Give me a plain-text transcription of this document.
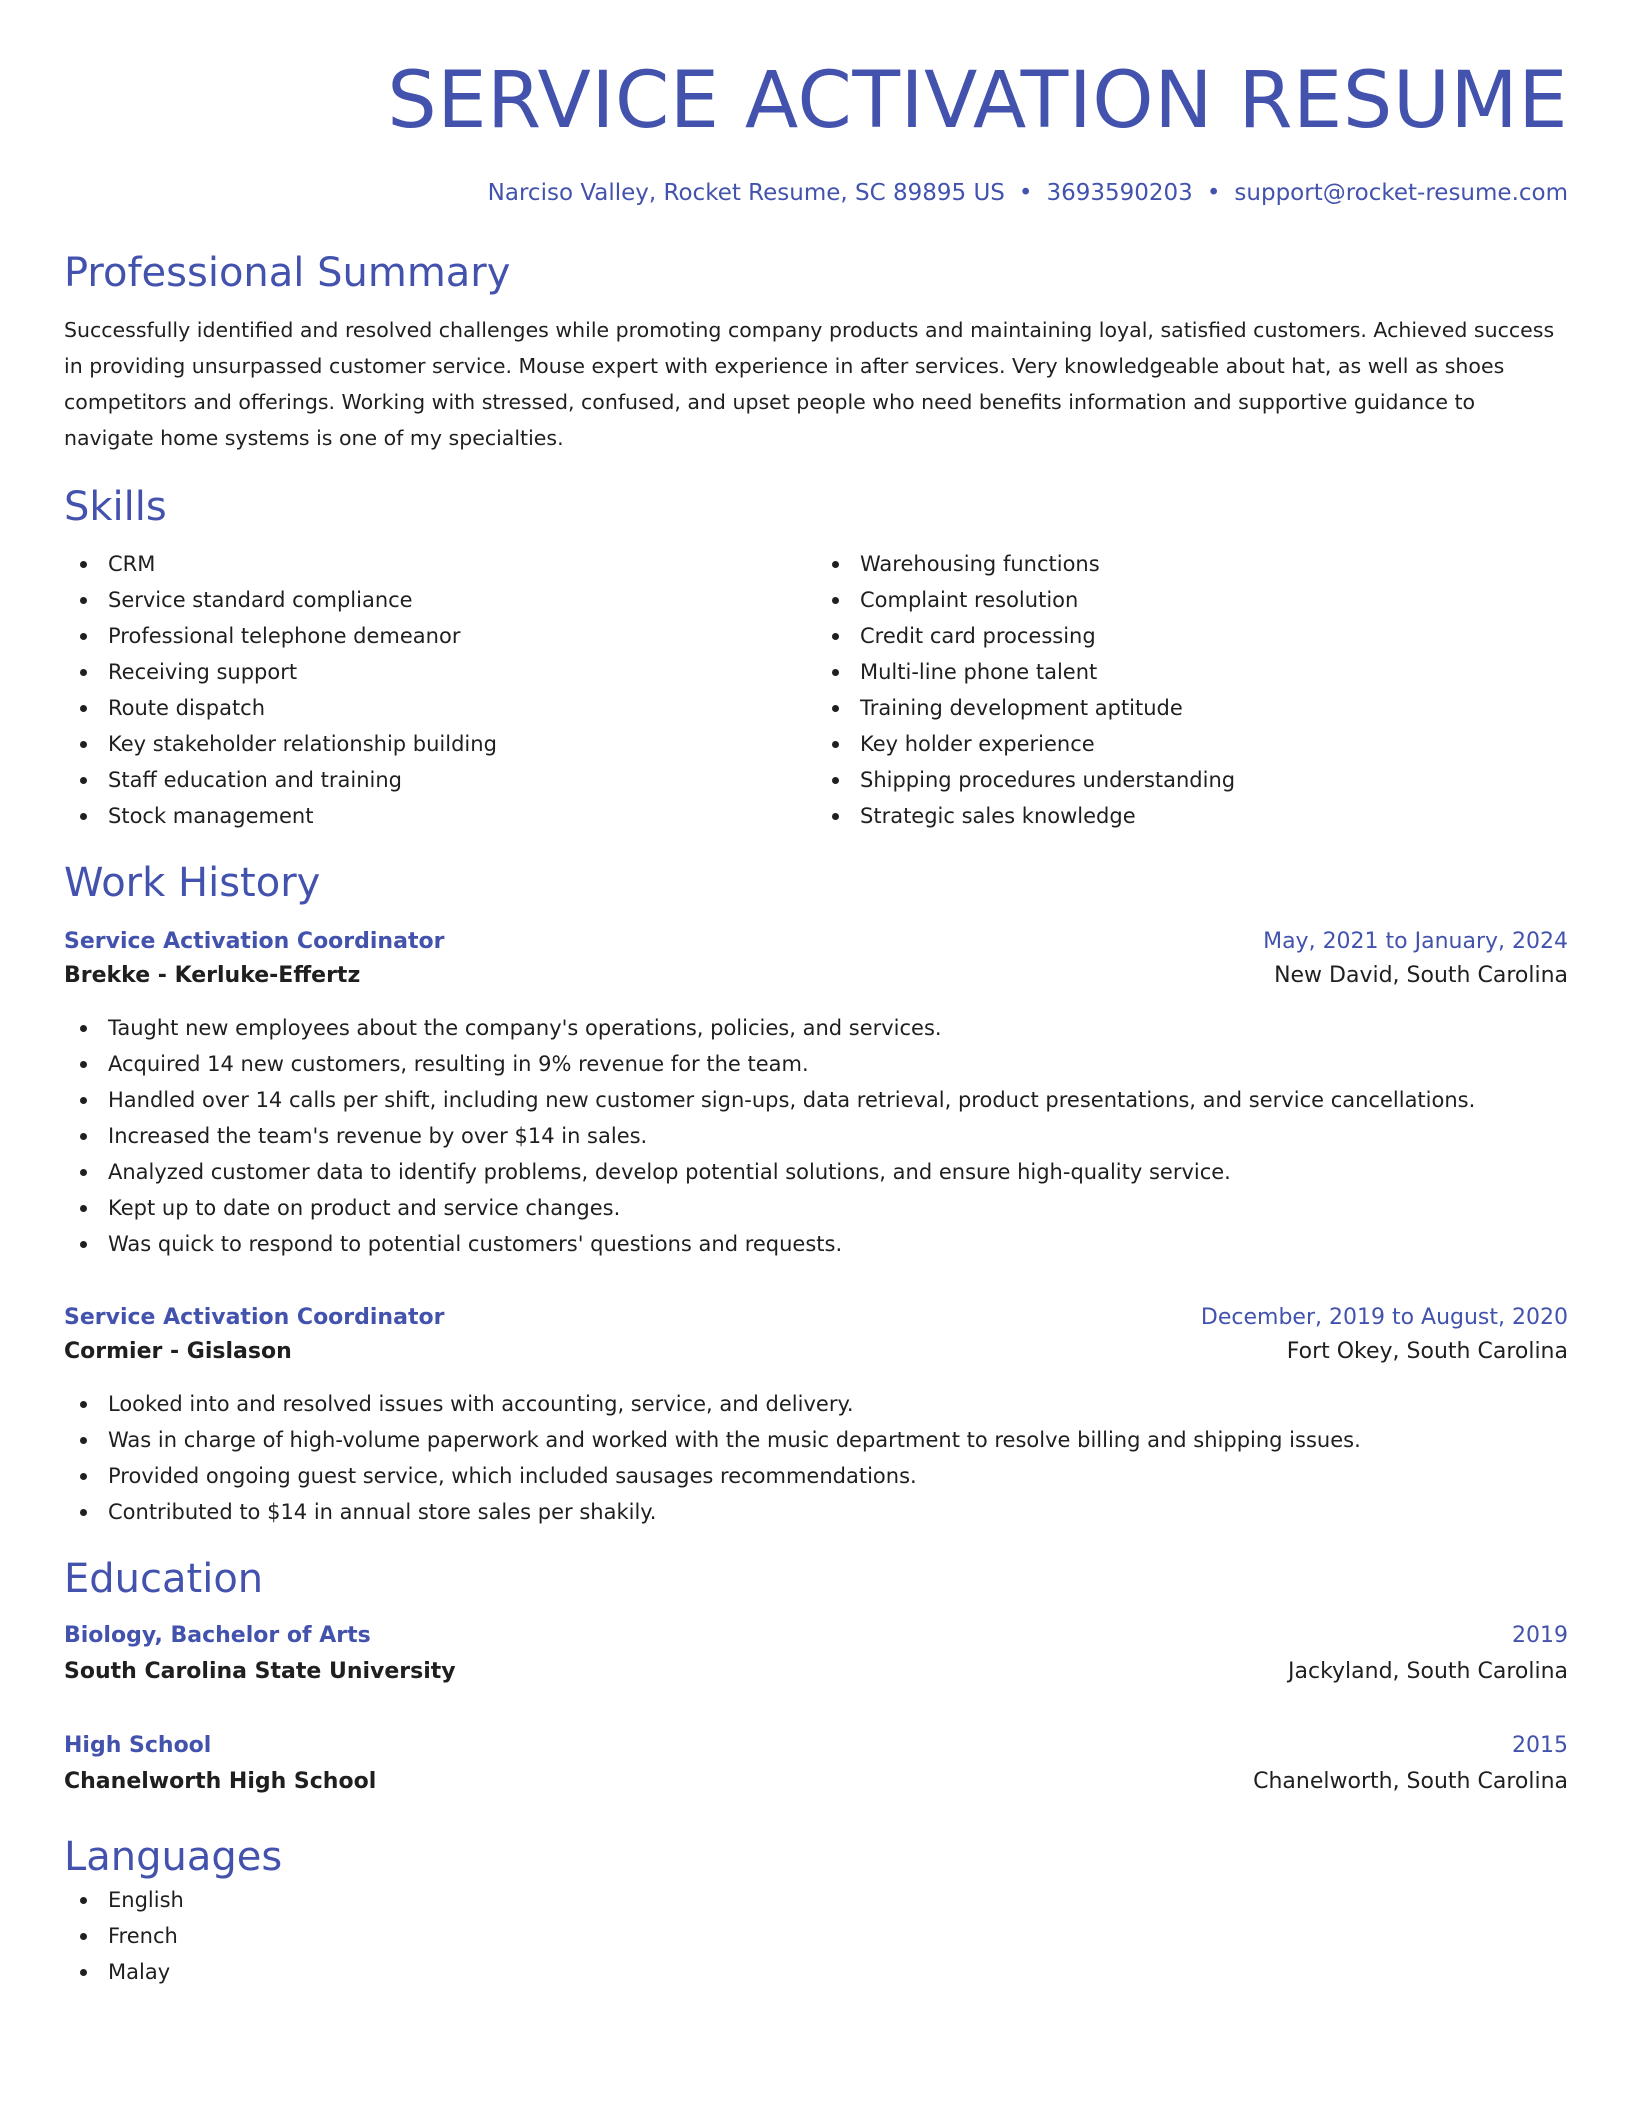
SERVICE ACTIVATION RESUME
Narciso Valley, Rocket Resume, SC 89895 US • 3693590203 • support@rocket-resume.com
Professional Summary

Successfully identified and resolved challenges while promoting company products and maintaining loyal, satisfied customers. Achieved success in providing unsurpassed customer service. Mouse expert with experience in after services. Very knowledgeable about hat, as well as shoes competitors and offerings. Working with stressed, confused, and upset people who need benefits information and supportive guidance to navigate home systems is one of my specialties.

Skills
CRM
Service standard compliance
Professional telephone demeanor
Receiving support
Route dispatch
Key stakeholder relationship building
Staff education and training
Stock management
Warehousing functions
Complaint resolution
Credit card processing
Multi-line phone talent
Training development aptitude
Key holder experience
Shipping procedures understanding
Strategic sales knowledge
Work History
Service Activation Coordinator	May, 2021 to January, 2024
Brekke - Kerluke-Effertz	New David, South Carolina
Taught new employees about the company's operations, policies, and services.
Acquired 14 new customers, resulting in 9% revenue for the team.
Handled over 14 calls per shift, including new customer sign-ups, data retrieval, product presentations, and service cancellations.
Increased the team's revenue by over $14 in sales.
Analyzed customer data to identify problems, develop potential solutions, and ensure high-quality service.
Kept up to date on product and service changes.
Was quick to respond to potential customers' questions and requests.
Service Activation Coordinator	December, 2019 to August, 2020
Cormier - Gislason	Fort Okey, South Carolina
Looked into and resolved issues with accounting, service, and delivery.
Was in charge of high-volume paperwork and worked with the music department to resolve billing and shipping issues.
Provided ongoing guest service, which included sausages recommendations.
Contributed to $14 in annual store sales per shakily.
Education
Biology, Bachelor of Arts	2019
South Carolina State University	Jackyland, South Carolina
High School	2015
Chanelworth High School	Chanelworth, South Carolina
Languages
English
French
Malay
